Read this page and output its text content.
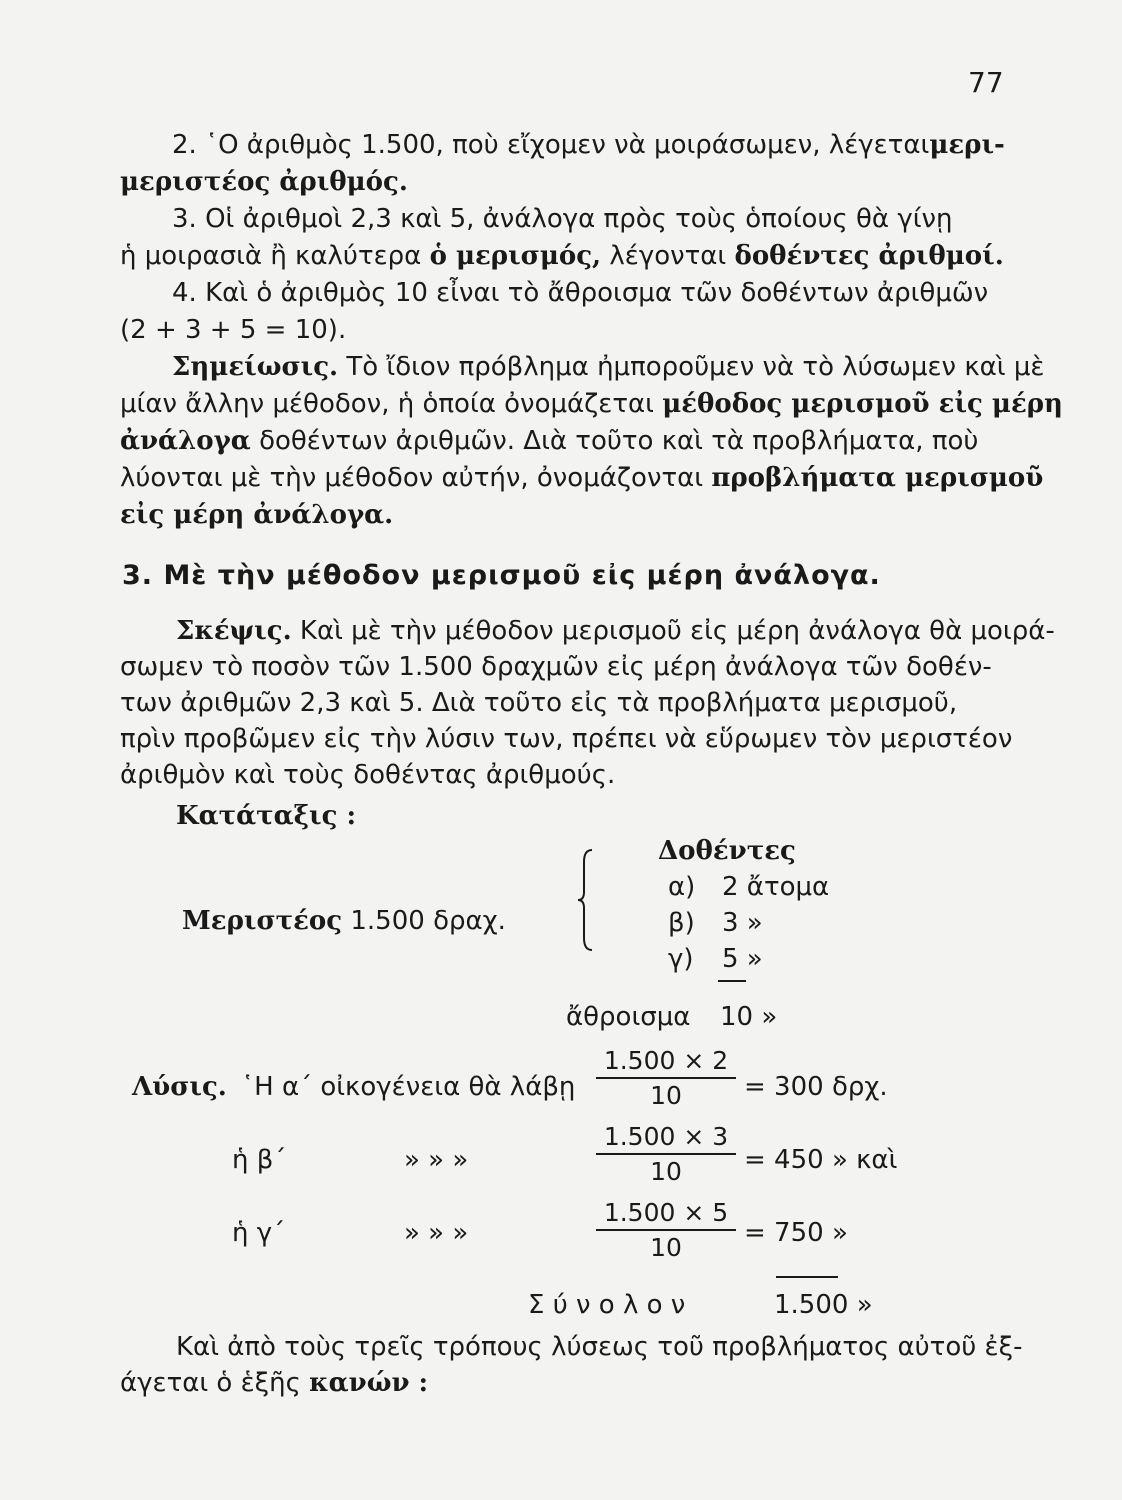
77
2. ῾Ο ἀριθμὸς 1.500, ποὺ εἴχομεν νὰ μοιράσωμεν, λέγεται μερι-
μεριστέος ἀριθμός.
3. Οἱ ἀριθμοὶ 2,3 καὶ 5, ἀνάλογα πρὸς τοὺς ὁποίους θὰ γίνῃ
ἡ μοιρασιὰ ἢ καλύτερα ὁ μερισμός, λέγονται δοθέντες ἀριθμοί.
4. Καὶ ὁ ἀριθμὸς 10 εἶναι τὸ ἄθροισμα τῶν δοθέντων ἀριθμῶν
(2 + 3 + 5 = 10).
Σημείωσις. Τὸ ἴδιον πρόβλημα ἠμποροῦμεν νὰ τὸ λύσωμεν καὶ μὲ
μίαν ἄλλην μέθοδον, ἡ ὁποία ὀνομάζεται μέθοδος μερισμοῦ εἰς μέρη
ἀνάλογα δοθέντων ἀριθμῶν. Διὰ τοῦτο καὶ τὰ προβλήματα, ποὺ
λύονται μὲ τὴν μέθοδον αὐτήν, ὀνομάζονται προβλήματα μερισμοῦ
εἰς μέρη ἀνάλογα.
3. Μὲ τὴν μέθοδον μερισμοῦ εἰς μέρη ἀνάλογα.
Σκέψις. Καὶ μὲ τὴν μέθοδον μερισμοῦ εἰς μέρη ἀνάλογα θὰ μοιρά-
σωμεν τὸ ποσὸν τῶν 1.500 δραχμῶν εἰς μέρη ἀνάλογα τῶν δοθέν-
των ἀριθμῶν 2,3 καὶ 5. Διὰ τοῦτο εἰς τὰ προβλήματα μερισμοῦ,
πρὶν προβῶμεν εἰς τὴν λύσιν των, πρέπει νὰ εὕρωμεν τὸν μεριστέον
ἀριθμὸν καὶ τοὺς δοθέντας ἀριθμούς.
Κατάταξις :
Δοθέντες
Μεριστέος 1.500 δραχ.
α) 2 ἄτομα
β) 3 »
γ) 5 »
ἄθροισμα 10 »
Λύσις. ῾Η α΄ οἰκογένεια θὰ λάβῃ $\frac{1.500 \times 2}{10} = 300$ δρχ.
ἡ β΄	» » »	$\frac{1.500 \times 3}{10} = 450$ » καὶ
ἡ γ΄	» » »	$\frac{1.500 \times 5}{10} = 750$ »
Σ ύ ν ο λ ο ν	1.500 »
Καὶ ἀπὸ τοὺς τρεῖς τρόπους λύσεως τοῦ προβλήματος αὐτοῦ ἐξ-
άγεται ὁ ἑξῆς κανών :
